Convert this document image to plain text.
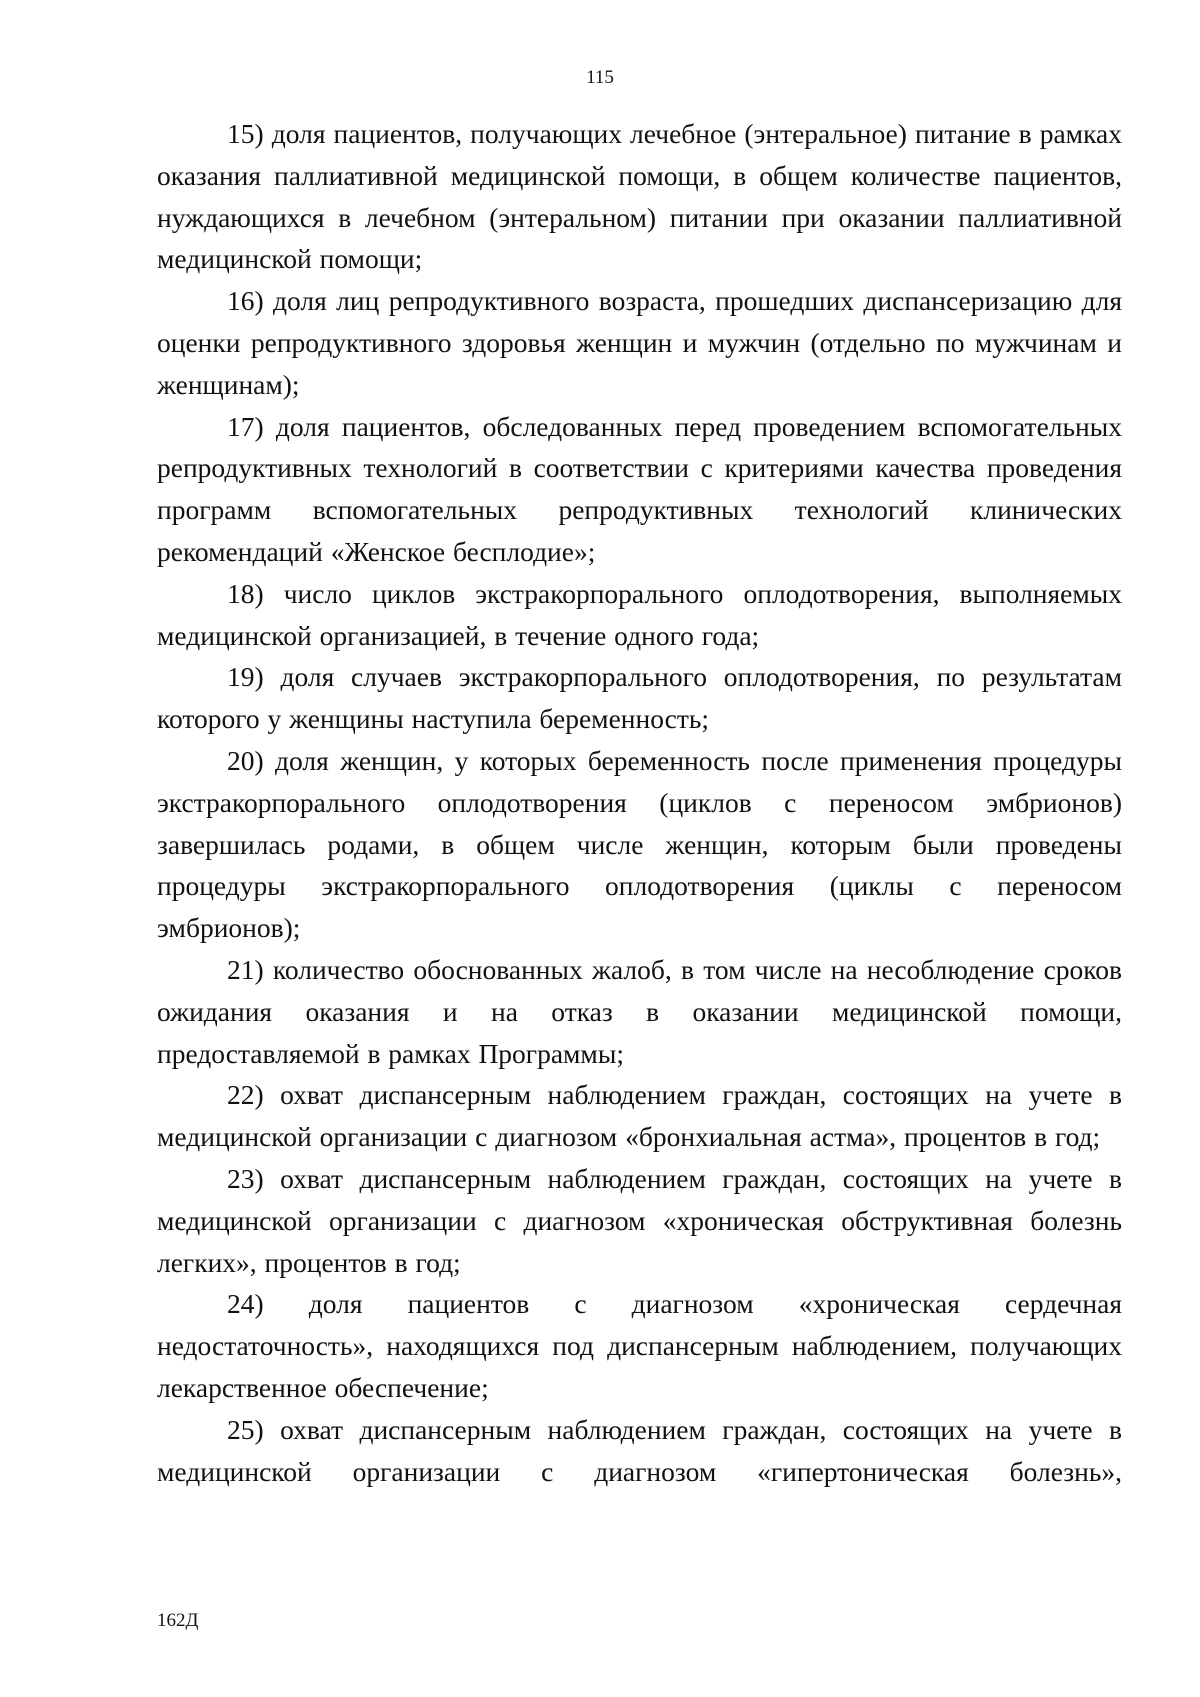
115

15) доля пациентов, получающих лечебное (энтеральное) питание в рамках оказания паллиативной медицинской помощи, в общем количестве пациентов, нуждающихся в лечебном (энтеральном) питании при оказании паллиативной медицинской помощи;

16) доля лиц репродуктивного возраста, прошедших диспансеризацию для оценки репродуктивного здоровья женщин и мужчин (отдельно по мужчинам и женщинам);

17) доля пациентов, обследованных перед проведением вспомогательных репродуктивных технологий в соответствии с критериями качества проведения программ вспомогательных репродуктивных технологий клинических рекомендаций «Женское бесплодие»;

18) число циклов экстракорпорального оплодотворения, выполняемых медицинской организацией, в течение одного года;

19) доля случаев экстракорпорального оплодотворения, по результатам которого у женщины наступила беременность;

20) доля женщин, у которых беременность после применения процедуры экстракорпорального оплодотворения (циклов с переносом эмбрионов) завершилась родами, в общем числе женщин, которым были проведены процедуры экстракорпорального оплодотворения (циклы с переносом эмбрионов);

21) количество обоснованных жалоб, в том числе на несоблюдение сроков ожидания оказания и на отказ в оказании медицинской помощи, предоставляемой в рамках Программы;

22) охват диспансерным наблюдением граждан, состоящих на учете в медицинской организации с диагнозом «бронхиальная астма», процентов в год;

23) охват диспансерным наблюдением граждан, состоящих на учете в медицинской организации с диагнозом «хроническая обструктивная болезнь легких», процентов в год;

24) доля пациентов с диагнозом «хроническая сердечная недостаточность», находящихся под диспансерным наблюдением, получающих лекарственное обеспечение;

25) охват диспансерным наблюдением граждан, состоящих на учете в медицинской организации с диагнозом «гипертоническая болезнь»,

162Д
